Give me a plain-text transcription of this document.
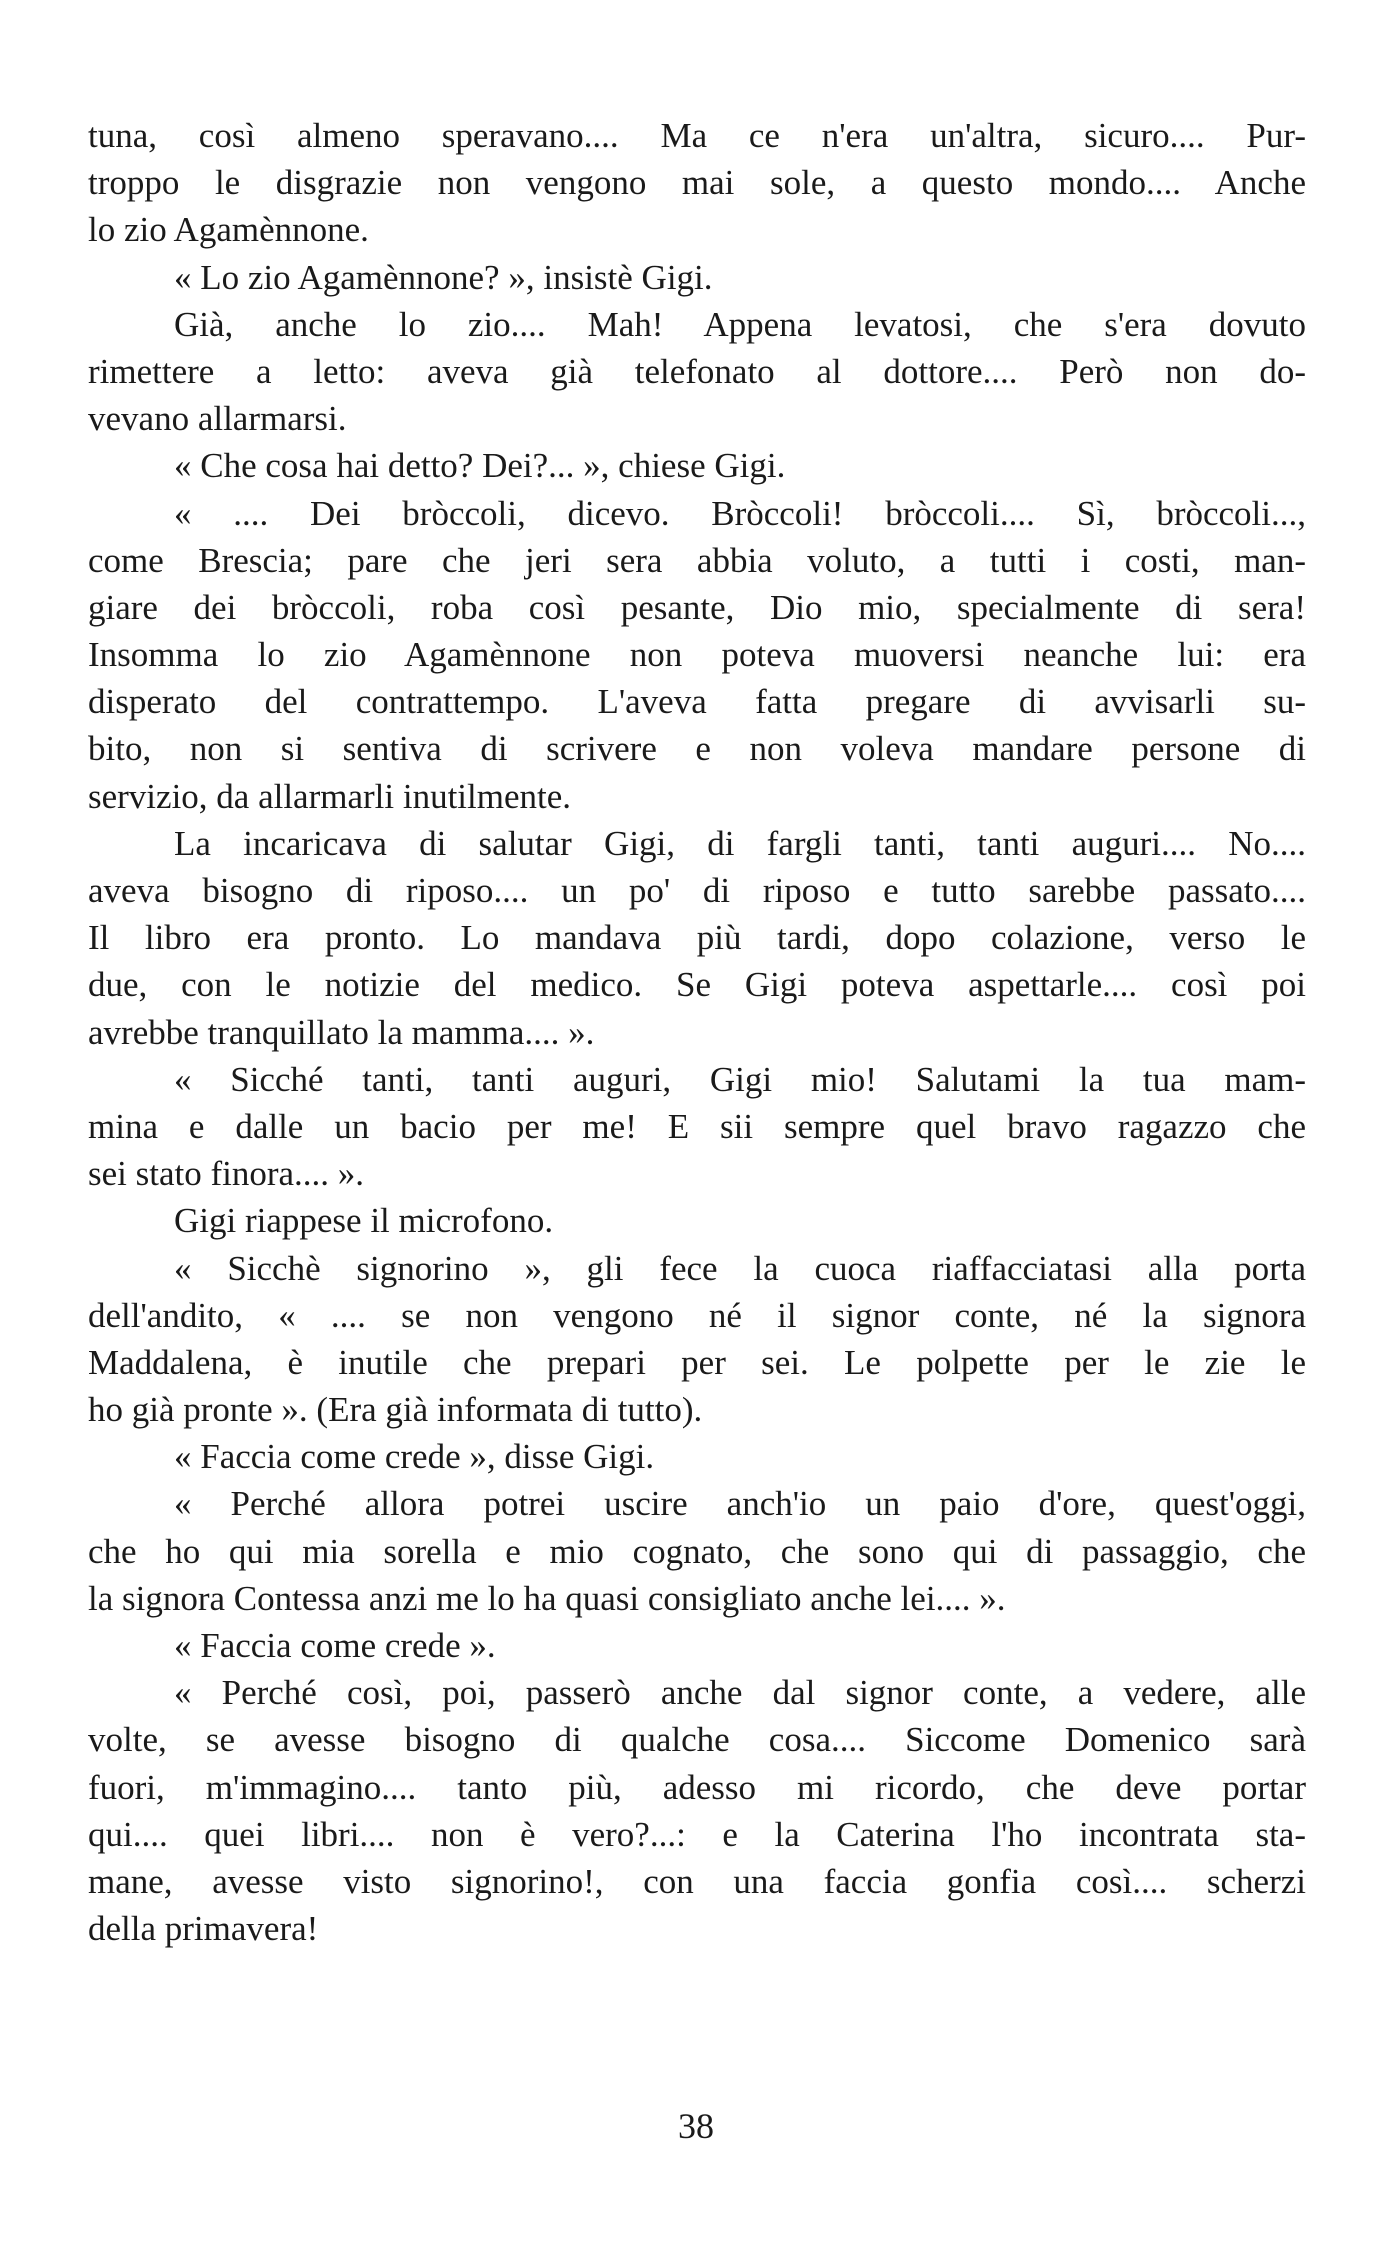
tuna, così almeno speravano.... Ma ce n'era un'altra, sicuro.... Pur-
troppo le disgrazie non vengono mai sole, a questo mondo.... Anche
lo zio Agamènnone.
« Lo zio Agamènnone? », insistè Gigi.
Già, anche lo zio.... Mah! Appena levatosi, che s'era dovuto
rimettere a letto: aveva già telefonato al dottore.... Però non do-
vevano allarmarsi.
« Che cosa hai detto? Dei?... », chiese Gigi.
« .... Dei bròccoli, dicevo. Bròccoli! bròccoli.... Sì, bròccoli...,
come Brescia; pare che jeri sera abbia voluto, a tutti i costi, man-
giare dei bròccoli, roba così pesante, Dio mio, specialmente di sera!
Insomma lo zio Agamènnone non poteva muoversi neanche lui: era
disperato del contrattempo. L'aveva fatta pregare di avvisarli su-
bito, non si sentiva di scrivere e non voleva mandare persone di
servizio, da allarmarli inutilmente.
La incaricava di salutar Gigi, di fargli tanti, tanti auguri.... No....
aveva bisogno di riposo.... un po' di riposo e tutto sarebbe passato....
Il libro era pronto. Lo mandava più tardi, dopo colazione, verso le
due, con le notizie del medico. Se Gigi poteva aspettarle.... così poi
avrebbe tranquillato la mamma.... ».
« Sicché tanti, tanti auguri, Gigi mio! Salutami la tua mam-
mina e dalle un bacio per me! E sii sempre quel bravo ragazzo che
sei stato finora.... ».
Gigi riappese il microfono.
« Sicchè signorino », gli fece la cuoca riaffacciatasi alla porta
dell'andito, « .... se non vengono né il signor conte, né la signora
Maddalena, è inutile che prepari per sei. Le polpette per le zie le
ho già pronte ». (Era già informata di tutto).
« Faccia come crede », disse Gigi.
« Perché allora potrei uscire anch'io un paio d'ore, quest'oggi,
che ho qui mia sorella e mio cognato, che sono qui di passaggio, che
la signora Contessa anzi me lo ha quasi consigliato anche lei.... ».
« Faccia come crede ».
« Perché così, poi, passerò anche dal signor conte, a vedere, alle
volte, se avesse bisogno di qualche cosa.... Siccome Domenico sarà
fuori, m'immagino.... tanto più, adesso mi ricordo, che deve portar
qui.... quei libri.... non è vero?...: e la Caterina l'ho incontrata sta-
mane, avesse visto signorino!, con una faccia gonfia così.... scherzi
della primavera!
38
